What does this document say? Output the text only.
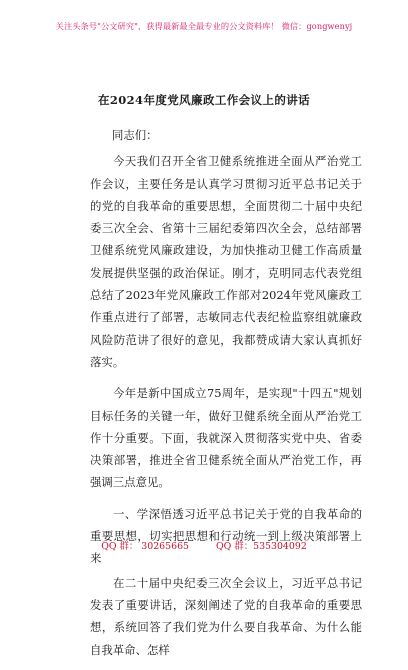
关注头条号"公文研究"，获得最新最全最专业的公文资料库！ 微信：gongwenyj
在2024年度党风廉政工作会议上的讲话

同志们：

今天我们召开全省卫健系统推进全面从严治党工作会议，主要任务是认真学习贯彻习近平总书记关于的党的自我革命的重要思想，全面贯彻二十届中央纪委三次全会、省第十三届纪委第四次全会，总结部署卫健系统党风廉政建设，为加快推动卫健工作高质量发展提供坚强的政治保证。刚才，克明同志代表党组总结了2023年党风廉政工作部对2024年党风廉政工作重点进行了部署，志敏同志代表纪检监察组就廉政风险防范讲了很好的意见，我都赞成请大家认真抓好落实。

今年是新中国成立75周年，是实现"十四五"规划目标任务的关键一年，做好卫健系统全面从严治党工作十分重要。下面，我就深入贯彻落实党中央、省委决策部署，推进全省卫健系统全面从严治党工作，再强调三点意见。

一、学深悟透习近平总书记关于党的自我革命的重要思想，切实把思想和行动统一到上级决策部署上来

在二十届中央纪委三次全会议上，习近平总书记发表了重要讲话，深刻阐述了党的自我革命的重要思想，系统回答了我们党为什么要自我革命、为什么能自我革命、怎样

QQ 群： 30265665	QQ 群：535304092
